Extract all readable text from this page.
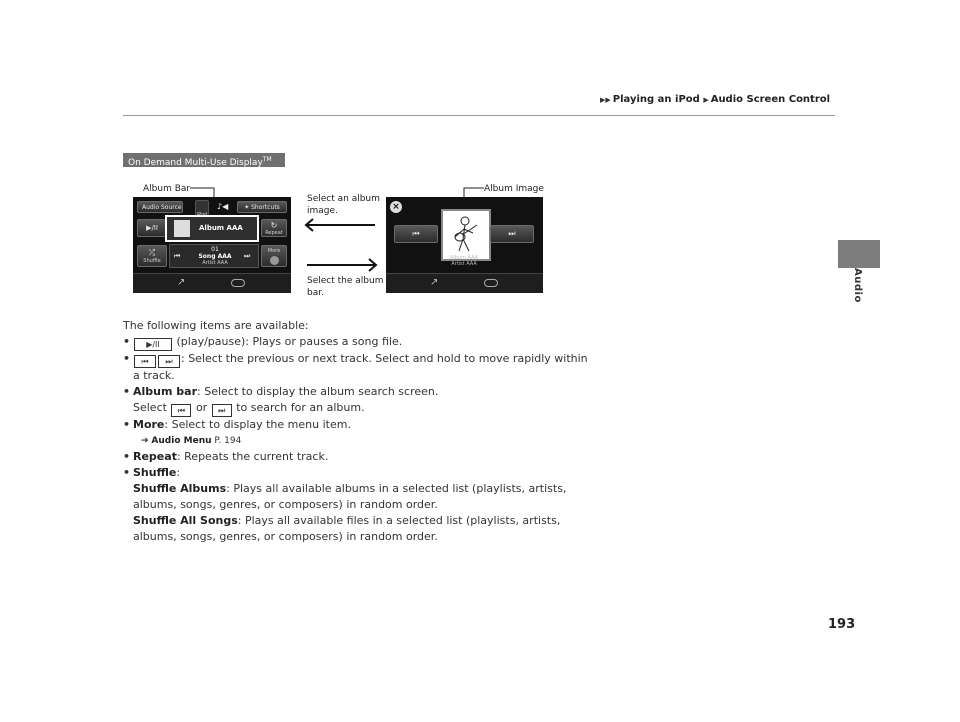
▶▶ Playing an iPod ▶ Audio Screen Control
Audio
On Demand Multi-Use Display™
Album Bar	Album Image
Select an album
image.
Select the album
bar.
Audio Source	♪◀	✦ Shortcuts
▶/II	Album AAA	↻
Repeat
⤮
Shuffle
⏮
01
Song AAA
Artist AAA
⏭
More
↗
×
⏮	⏭
Album AAA
Artist AAA
↗
The following items are available:
• ▶/II (play/pause): Plays or pauses a song file.
• ⏮ ⏭ : Select the previous or next track. Select and hold to move rapidly within
a track.
• Album bar: Select to display the album search screen.
Select ⏮ or ⏭ to search for an album.
• More: Select to display the menu item.
➔ Audio Menu P. 194
• Repeat: Repeats the current track.
• Shuffle:
Shuffle Albums: Plays all available albums in a selected list (playlists, artists,
albums, songs, genres, or composers) in random order.
Shuffle All Songs: Plays all available files in a selected list (playlists, artists,
albums, songs, genres, or composers) in random order.
193
